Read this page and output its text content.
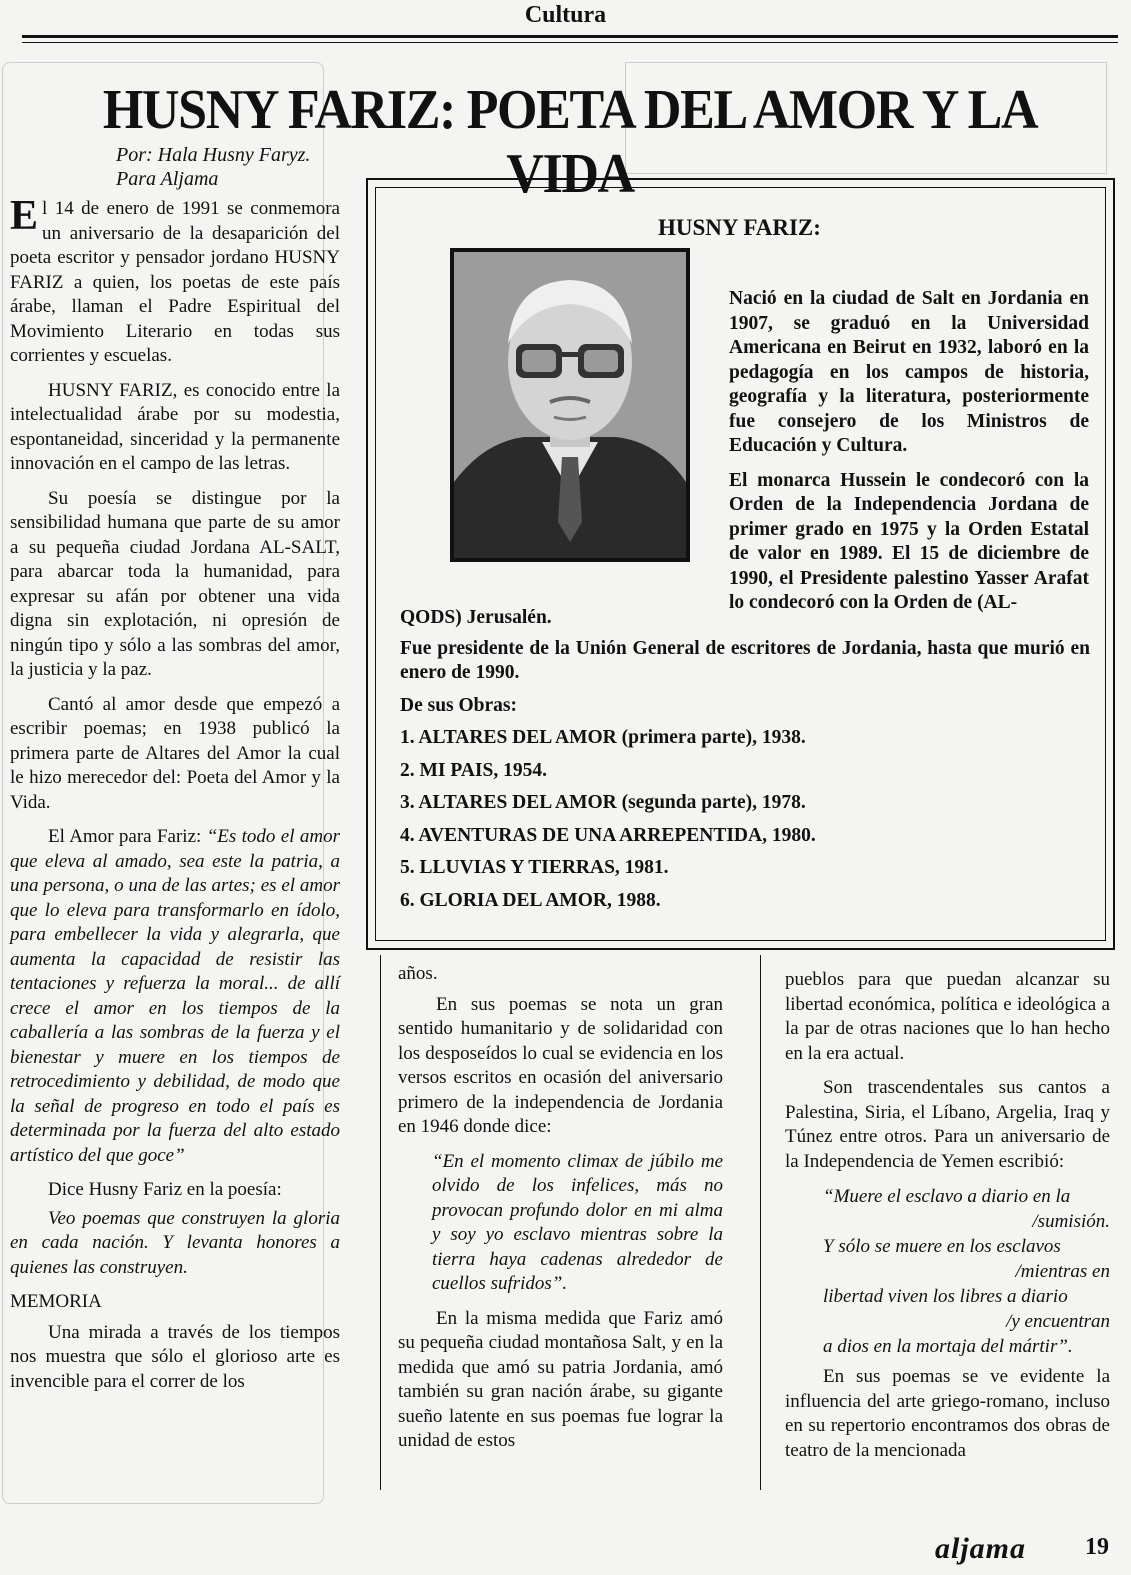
Cultura
HUSNY FARIZ: POETA DEL AMOR Y LA VIDA
Por: Hala Husny Faryz.
Para Aljama

El 14 de enero de 1991 se conmemora un aniversario de la desaparición del poeta escritor y pensador jordano HUSNY FARIZ a quien, los poetas de este país árabe, llaman el Padre Espiritual del Movimiento Literario en todas sus corrientes y escuelas.

HUSNY FARIZ, es conocido entre la intelectualidad árabe por su modestia, espontaneidad, sinceridad y la permanente innovación en el campo de las letras.

Su poesía se distingue por la sensibilidad humana que parte de su amor a su pequeña ciudad Jordana AL-SALT, para abarcar toda la humanidad, para expresar su afán por obtener una vida digna sin explotación, ni opresión de ningún tipo y sólo a las sombras del amor, la justicia y la paz.

Cantó al amor desde que empezó a escribir poemas; en 1938 publicó la primera parte de Altares del Amor la cual le hizo merecedor del: Poeta del Amor y la Vida.

El Amor para Fariz: “Es todo el amor que eleva al amado, sea este la patria, a una persona, o una de las artes; es el amor que lo eleva para transformarlo en ídolo, para embellecer la vida y alegrarla, que aumenta la capacidad de resistir las tentaciones y refuerza la moral... de allí crece el amor en los tiempos de la caballería a las sombras de la fuerza y el bienestar y muere en los tiempos de retrocedimiento y debilidad, de modo que la señal de progreso en todo el país es determinada por la fuerza del alto estado artístico del que goce”

Dice Husny Fariz en la poesía:

Veo poemas que construyen la gloria en cada nación. Y levanta honores a quienes las construyen.

MEMORIA

Una mirada a través de los tiempos nos muestra que sólo el glorioso arte es invencible para el correr de los

HUSNY FARIZ:

Nació en la ciudad de Salt en Jordania en 1907, se graduó en la Universidad Americana en Beirut en 1932, laboró en la pedagogía en los campos de historia, geografía y la literatura, posteriormente fue consejero de los Ministros de Educación y Cultura.

El monarca Hussein le condecoró con la Orden de la Independencia Jordana de primer grado en 1975 y la Orden Estatal de valor en 1989. El 15 de diciembre de 1990, el Presidente palestino Yasser Arafat lo condecoró con la Orden de (AL-

QODS) Jerusalén.

Fue presidente de la Unión General de escritores de Jordania, hasta que murió en enero de 1990.

De sus Obras:

1. ALTARES DEL AMOR (primera parte), 1938.
2. MI PAIS, 1954.
3. ALTARES DEL AMOR (segunda parte), 1978.
4. AVENTURAS DE UNA ARREPENTIDA, 1980.
5. LLUVIAS Y TIERRAS, 1981.
6. GLORIA DEL AMOR, 1988.

años.

En sus poemas se nota un gran sentido humanitario y de solidaridad con los desposeídos lo cual se evidencia en los versos escritos en ocasión del aniversario primero de la independencia de Jordania en 1946 donde dice:

“En el momento climax de júbilo me olvido de los infelices, más no provocan profundo dolor en mi alma y soy yo esclavo mientras sobre la tierra haya cadenas alrededor de cuellos sufridos”.

En la misma medida que Fariz amó su pequeña ciudad montañosa Salt, y en la medida que amó su patria Jordania, amó también su gran nación árabe, su gigante sueño latente en sus poemas fue lograr la unidad de estos

pueblos para que puedan alcanzar su libertad económica, política e ideológica a la par de otras naciones que lo han hecho en la era actual.

Son trascendentales sus cantos a Palestina, Siria, el Líbano, Argelia, Iraq y Túnez entre otros. Para un aniversario de la Independencia de Yemen escribió:

“Muere el esclavo a diario en la
/sumisión.
Y sólo se muere en los esclavos
/mientras en
libertad viven los libres a diario
/y encuentran
a dios en la mortaja del mártir”.

En sus poemas se ve evidente la influencia del arte griego-romano, incluso en su repertorio encontramos dos obras de teatro de la mencionada

aljama 19
